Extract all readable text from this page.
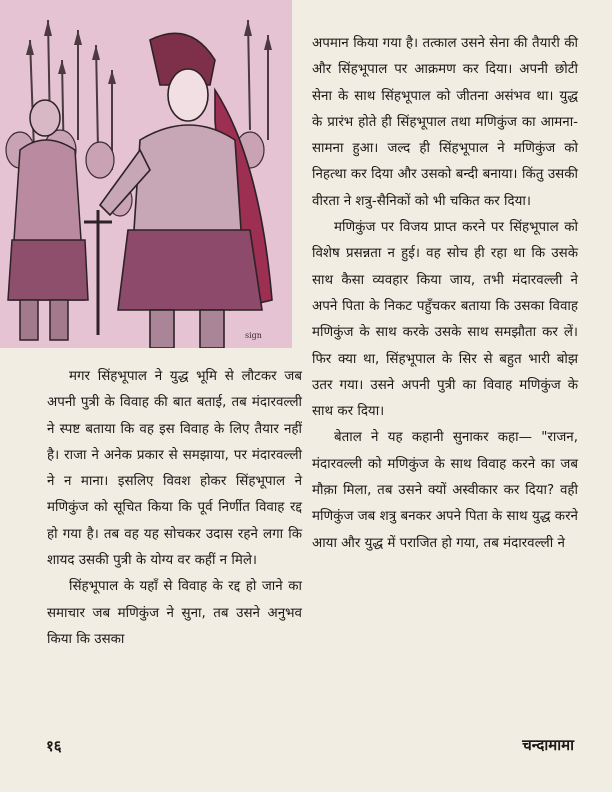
sign

मगर सिंहभूपाल ने युद्ध भूमि से लौटकर जब अपनी पुत्री के विवाह की बात बताई, तब मंदारवल्ली ने स्पष्ट बताया कि वह इस विवाह के लिए तैयार नहीं है। राजा ने अनेक प्रकार से समझाया, पर मंदारवल्ली ने न माना। इसलिए विवश होकर सिंहभूपाल ने मणिकुंज को सूचित किया कि पूर्व निर्णीत विवाह रद्द हो गया है। तब वह यह सोचकर उदास रहने लगा कि शायद उसकी पुत्री के योग्य वर कहीं न मिले।

सिंहभूपाल के यहाँ से विवाह के रद्द हो जाने का समाचार जब मणिकुंज ने सुना, तब उसने अनुभव किया कि उसका

अपमान किया गया है। तत्काल उसने सेना की तैयारी की और सिंहभूपाल पर आक्रमण कर दिया। अपनी छोटी सेना के साथ सिंहभूपाल को जीतना असंभव था। युद्ध के प्रारंभ होते ही सिंहभूपाल तथा मणिकुंज का आमना-सामना हुआ। जल्द ही सिंहभूपाल ने मणिकुंज को निहत्था कर दिया और उसको बन्दी बनाया। किंतु उसकी वीरता ने शत्रु-सैनिकों को भी चकित कर दिया।

मणिकुंज पर विजय प्राप्त करने पर सिंहभूपाल को विशेष प्रसन्नता न हुई। वह सोच ही रहा था कि उसके साथ कैसा व्यवहार किया जाय, तभी मंदारवल्ली ने अपने पिता के निकट पहुँचकर बताया कि उसका विवाह मणिकुंज के साथ करके उसके साथ समझौता कर लें। फिर क्या था, सिंहभूपाल के सिर से बहुत भारी बोझ उतर गया। उसने अपनी पुत्री का विवाह मणिकुंज के साथ कर दिया।

बेताल ने यह कहानी सुनाकर कहा— "राजन, मंदारवल्ली को मणिकुंज के साथ विवाह करने का जब मौक़ा मिला, तब उसने क्यों अस्वीकार कर दिया? वही मणिकुंज जब शत्रु बनकर अपने पिता के साथ युद्ध करने आया और युद्ध में पराजित हो गया, तब मंदारवल्ली ने

१६	चन्दामामा
